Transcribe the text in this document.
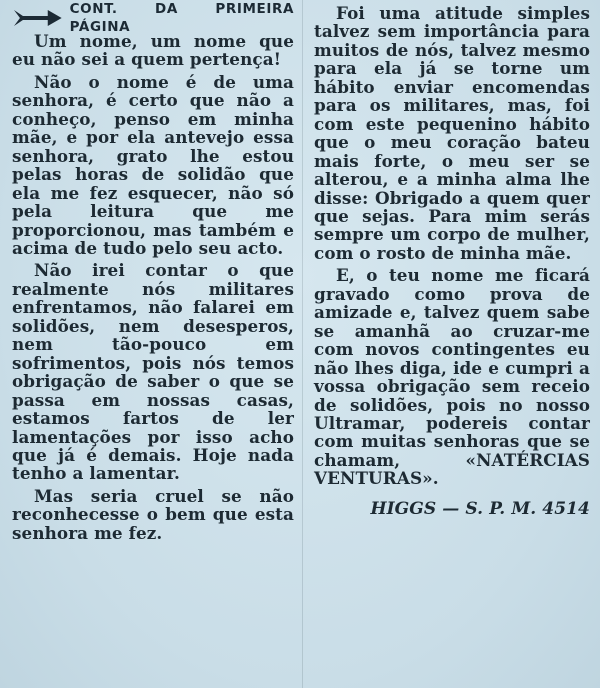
CONT. DA PRIMEIRA PÁGINA

Um nome, um nome que eu não sei a quem pertença!

Não o nome é de uma senhora, é certo que não a conheço, penso em minha mãe, e por ela antevejo essa senhora, grato lhe estou pelas horas de solidão que ela me fez esquecer, não só pela leitura que me proporcionou, mas também e acima de tudo pelo seu acto.

Não irei contar o que realmente nós militares enfrentamos, não falarei em solidões, nem desesperos, nem tão-pouco em sofrimentos, pois nós temos obrigação de saber o que se passa em nossas casas, estamos fartos de ler lamentações por isso acho que já é demais. Hoje nada tenho a lamentar.

Mas seria cruel se não reconhecesse o bem que esta senhora me fez.

Foi uma atitude simples talvez sem importância para muitos de nós, talvez mesmo para ela já se torne um hábito enviar encomendas para os militares, mas, foi com este pequenino hábito que o meu coração bateu mais forte, o meu ser se alterou, e a minha alma lhe disse: Obrigado a quem quer que sejas. Para mim serás sempre um corpo de mulher, com o rosto de minha mãe.

E, o teu nome me ficará gravado como prova de amizade e, talvez quem sabe se amanhã ao cruzar-me com novos contingentes eu não lhes diga, ide e cumpri a vossa obrigação sem receio de solidões, pois no nosso Ultramar, podereis contar com muitas senhoras que se chamam, «NATÉRCIAS VENTURAS».

HIGGS — S. P. M. 4514
